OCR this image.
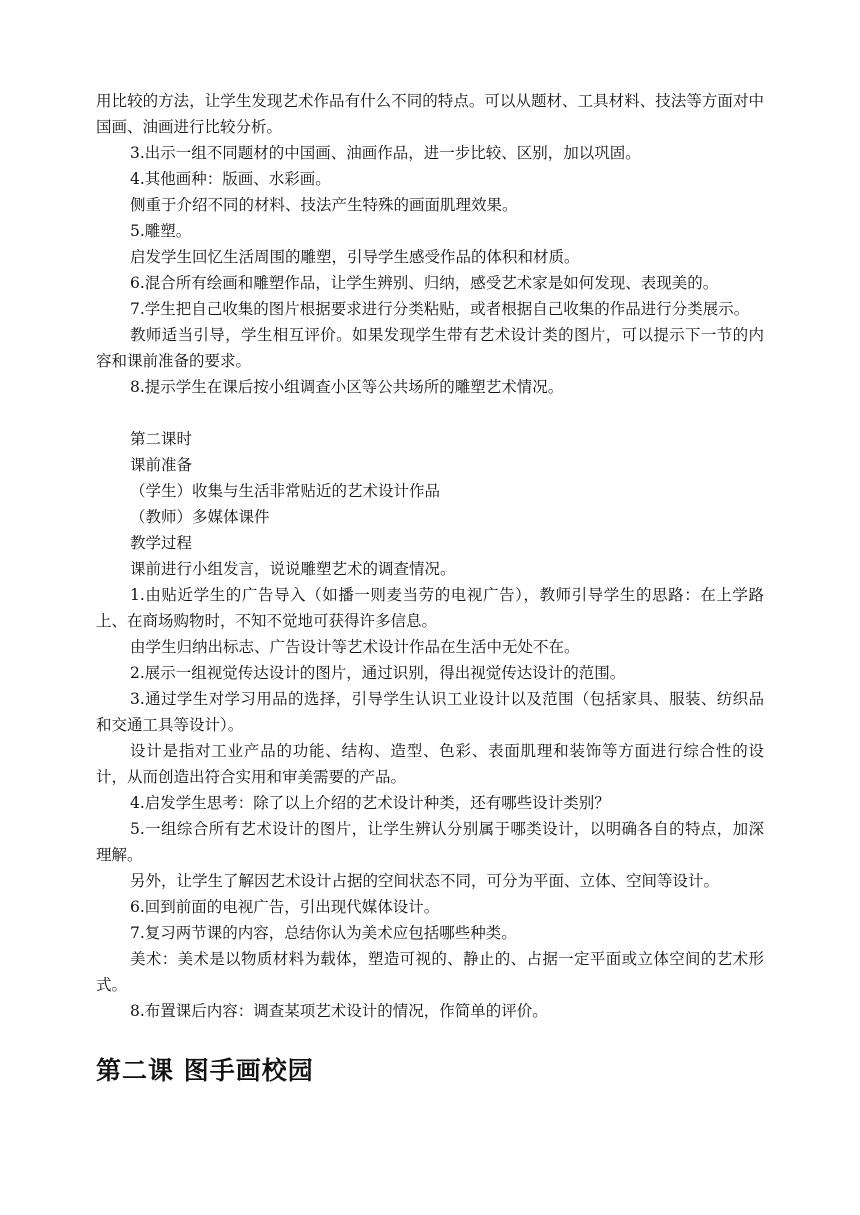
用比较的方法，让学生发现艺术作品有什么不同的特点。可以从题材、工具材料、技法等方面对中国画、油画进行比较分析。

3.出示一组不同题材的中国画、油画作品，进一步比较、区别，加以巩固。

4.其他画种：版画、水彩画。

侧重于介绍不同的材料、技法产生特殊的画面肌理效果。

5.雕塑。

启发学生回忆生活周围的雕塑，引导学生感受作品的体积和材质。

6.混合所有绘画和雕塑作品，让学生辨别、归纳，感受艺术家是如何发现、表现美的。

7.学生把自己收集的图片根据要求进行分类粘贴，或者根据自己收集的作品进行分类展示。

教师适当引导，学生相互评价。如果发现学生带有艺术设计类的图片，可以提示下一节的内容和课前准备的要求。

8.提示学生在课后按小组调查小区等公共场所的雕塑艺术情况。

第二课时

课前准备

（学生）收集与生活非常贴近的艺术设计作品

（教师）多媒体课件

教学过程

课前进行小组发言，说说雕塑艺术的调查情况。

1.由贴近学生的广告导入（如播一则麦当劳的电视广告），教师引导学生的思路：在上学路上、在商场购物时，不知不觉地可获得许多信息。

由学生归纳出标志、广告设计等艺术设计作品在生活中无处不在。

2.展示一组视觉传达设计的图片，通过识别，得出视觉传达设计的范围。

3.通过学生对学习用品的选择，引导学生认识工业设计以及范围（包括家具、服装、纺织品和交通工具等设计）。

设计是指对工业产品的功能、结构、造型、色彩、表面肌理和装饰等方面进行综合性的设计，从而创造出符合实用和审美需要的产品。

4.启发学生思考：除了以上介绍的艺术设计种类，还有哪些设计类别？

5.一组综合所有艺术设计的图片，让学生辨认分别属于哪类设计，以明确各自的特点，加深理解。

另外，让学生了解因艺术设计占据的空间状态不同，可分为平面、立体、空间等设计。

6.回到前面的电视广告，引出现代媒体设计。

7.复习两节课的内容，总结你认为美术应包括哪些种类。

美术：美术是以物质材料为载体，塑造可视的、静止的、占据一定平面或立体空间的艺术形式。

8.布置课后内容：调查某项艺术设计的情况，作简单的评价。

第二课 图手画校园
